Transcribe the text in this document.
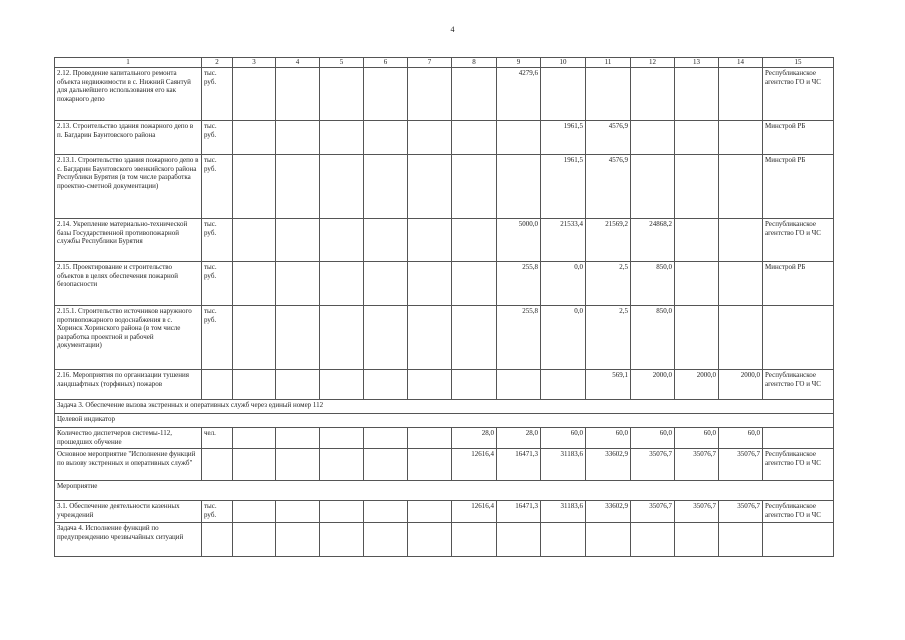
4
1	2	3	4	5	6	7	8	9	10	11	12	13	14	15
2.12. Проведение капитального ремонта объекта недвижимости в с. Нижний Саянтуй для дальнейшего использования его как пожарного депо	тыс. руб.							4279,6						Республиканское агентство ГО и ЧС
2.13. Строительство здания пожарного депо в п. Багдарин Баунтовского района	тыс. руб.								1961,5	4576,9				Минстрой РБ
2.13.1. Строительство здания пожарного депо в с. Багдарин Баунтовского эвенкийского района Республики Бурятия (в том числе разработка проектно-сметной документации)	тыс. руб.								1961,5	4576,9				Минстрой РБ
2.14. Укрепление материально-технической базы Государственной противопожарной службы Республики Бурятия	тыс. руб.							5000,0	21533,4	21569,2	24868,2			Республиканское агентство ГО и ЧС
2.15. Проектирование и строительство объектов в целях обеспечения пожарной безопасности	тыс. руб.							255,8	0,0	2,5	850,0			Минстрой РБ
2.15.1. Строительство источников наружного противопожарного водоснабжения в с. Хоринск Хоринского района (в том числе разработка проектной и рабочей документации)	тыс. руб.							255,8	0,0	2,5	850,0			
2.16. Мероприятия по организации тушения ландшафтных (торфяных) пожаров										569,1	2000,0	2000,0	2000,0	Республиканское агентство ГО и ЧС
Задача 3. Обеспечение вызова экстренных и оперативных служб через единый номер 112														
Целевой индикатор														
Количество диспетчеров системы-112, прошедших обучение	чел.						28,0	28,0	60,0	60,0	60,0	60,0	60,0	
Основное мероприятие "Исполнение функций по вызову экстренных и оперативных служб"							12616,4	16471,3	31183,6	33602,9	35076,7	35076,7	35076,7	Республиканское агентство ГО и ЧС
Мероприятие														
3.1. Обеспечение деятельности казенных учреждений	тыс. руб.						12616,4	16471,3	31183,6	33602,9	35076,7	35076,7	35076,7	Республиканское агентство ГО и ЧС
Задача 4. Исполнение функций по предупреждению чрезвычайных ситуаций														
